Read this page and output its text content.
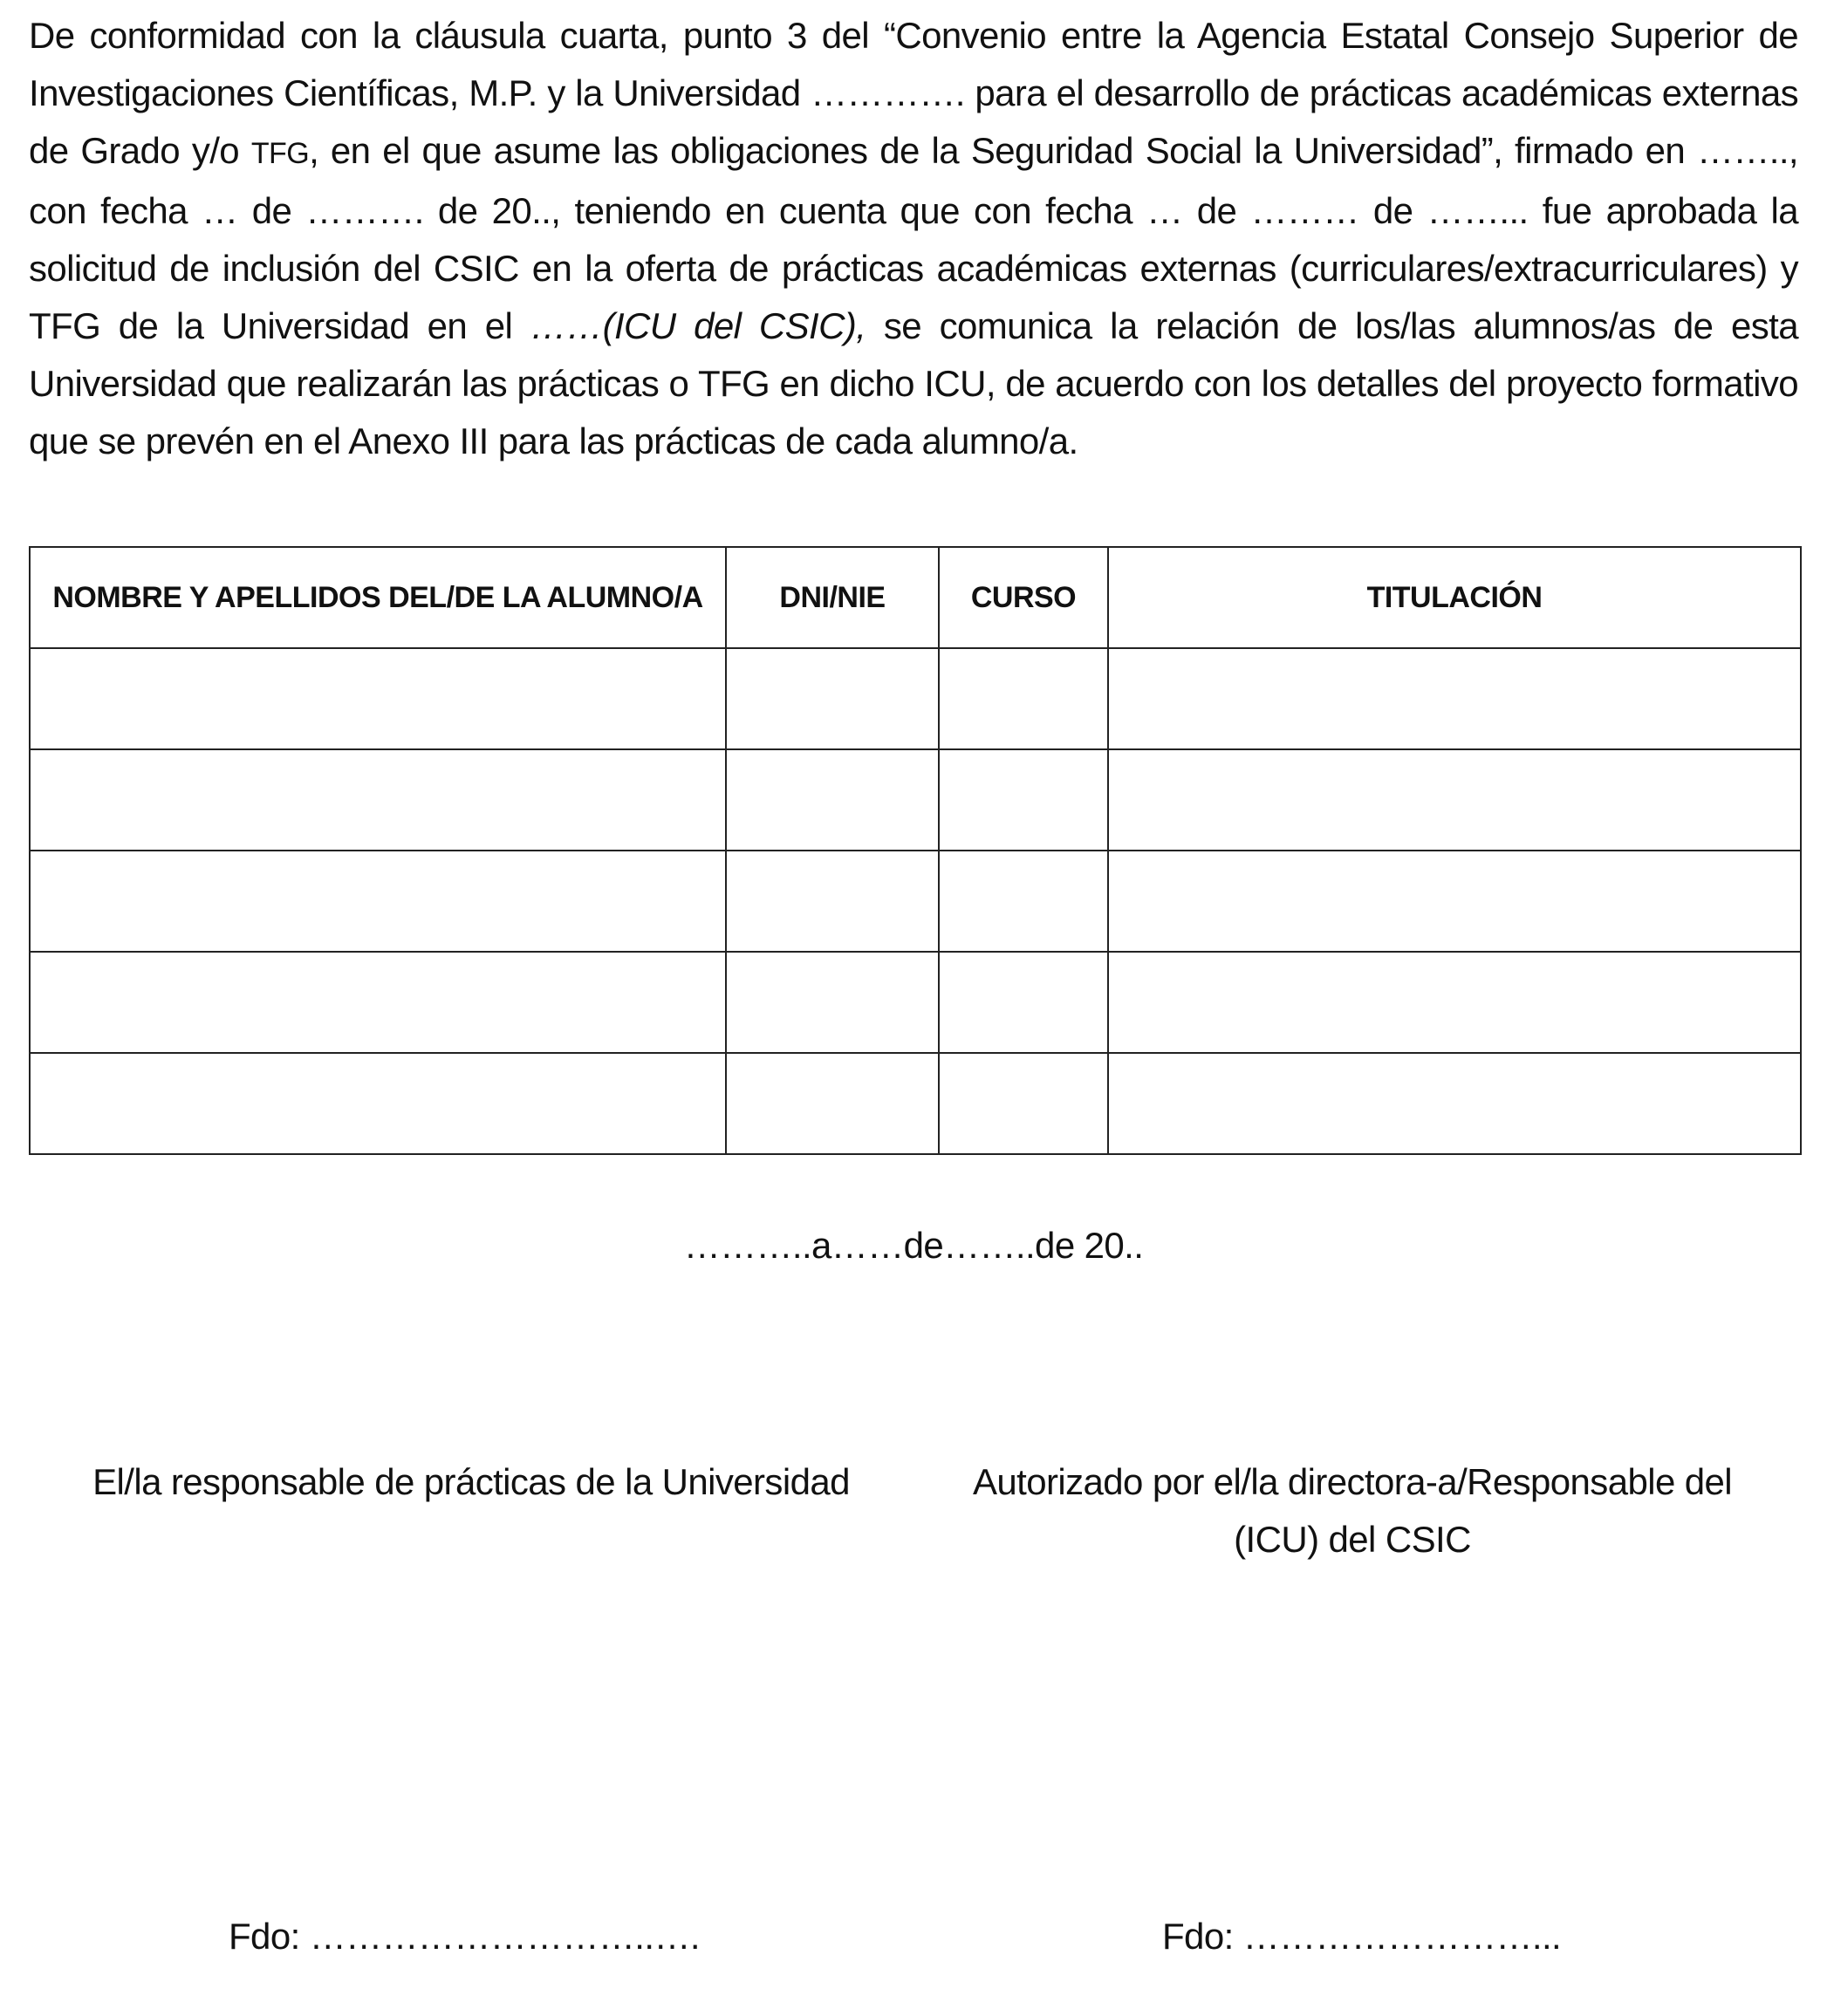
De conformidad con la cláusula cuarta, punto 3 del “Convenio entre la Agencia Estatal Consejo Superior de Investigaciones Científicas, M.P. y la Universidad …………. para el desarrollo de prácticas académicas externas de Grado y/o TFG, en el que asume las obligaciones de la Seguridad Social la Universidad”, firmado en …….., con fecha … de ………. de 20.., teniendo en cuenta que con fecha … de ……… de ……... fue aprobada la solicitud de inclusión del CSIC en la oferta de prácticas académicas externas (curriculares/extracurriculares) y TFG de la Universidad en el ……(ICU del CSIC), se comunica la relación de los/las alumnos/as de esta Universidad que realizarán las prácticas o TFG en dicho ICU, de acuerdo con los detalles del proyecto formativo que se prevén en el Anexo III para las prácticas de cada alumno/a.

NOMBRE Y APELLIDOS DEL/DE LA ALUMNO/A	DNI/NIE	CURSO	TITULACIÓN

………..a……de……..de 20..
El/la responsable de prácticas de la Universidad	Autorizado por el/la directora-a/Responsable del
(ICU) del CSIC
Fdo: ………………………..….	Fdo: ……………………...
